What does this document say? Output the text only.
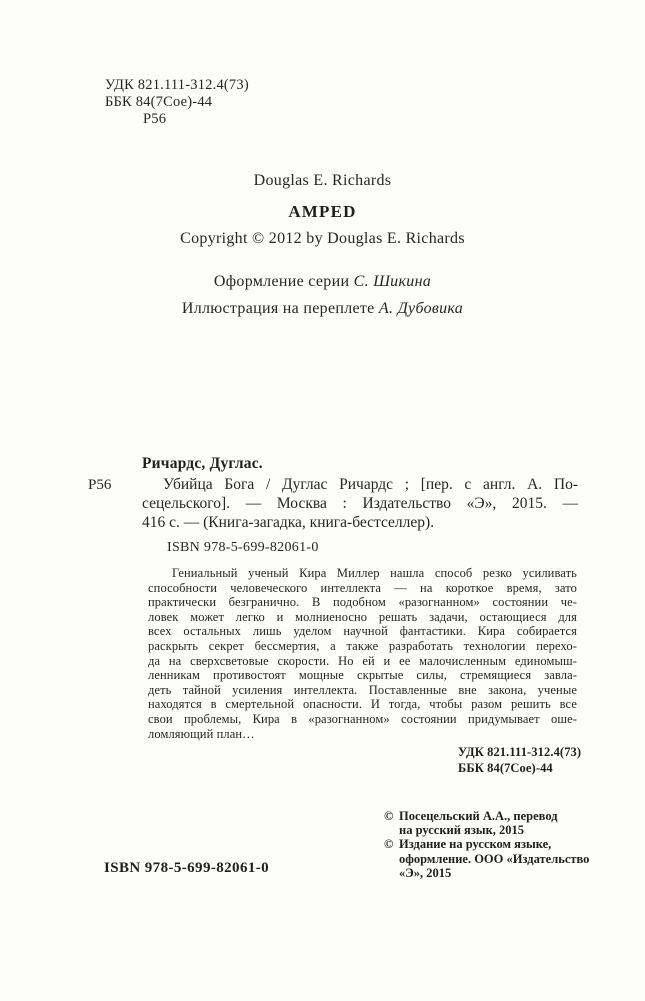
УДК 821.111-312.4(73)
ББК 84(7Сое)-44
Р56
Douglas E. Richards
AMPED
Copyright © 2012 by Douglas E. Richards
Оформление серии С. Шикина
Иллюстрация на переплете А. Дубовика
Ричардс, Дуглас.
Р56	Убийца Бога / Дуглас Ричардс ; [пер. с англ. А. По-
сецельского]. — Москва : Издательство «Э», 2015. —
416 с. — (Книга-загадка, книга-бестселлер).
ISBN 978-5-699-82061-0
Гениальный ученый Кира Миллер нашла способ резко усиливать
способности человеческого интеллекта — на короткое время, зато
практически безгранично. В подобном «разогнанном» состоянии че-
ловек может легко и молниеносно решать задачи, остающиеся для
всех остальных лишь уделом научной фантастики. Кира собирается
раскрыть секрет бессмертия, а также разработать технологии перехо-
да на сверхсветовые скорости. Но ей и ее малочисленным единомыш-
ленникам противостоят мощные скрытые силы, стремящиеся завла-
деть тайной усиления интеллекта. Поставленные вне закона, ученые
находятся в смертельной опасности. И тогда, чтобы разом решить все
свои проблемы, Кира в «разогнанном» состоянии придумывает оше-
ломляющий план…
УДК 821.111-312.4(73)
ББК 84(7Сое)-44
© Посецельский А.А., перевод
на русский язык, 2015
© Издание на русском языке,
оформление. ООО «Издательство
«Э», 2015
ISBN 978-5-699-82061-0
